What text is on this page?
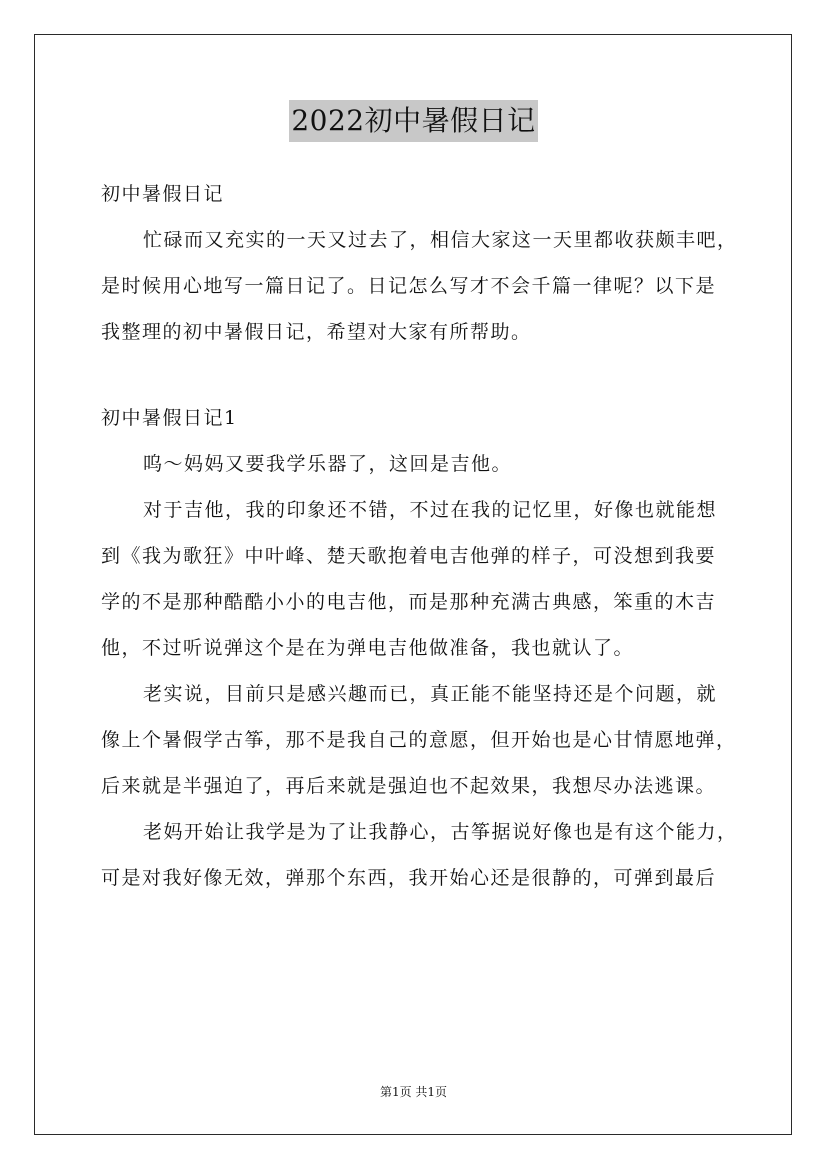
2022初中暑假日记
初中暑假日记
忙碌而又充实的一天又过去了，相信大家这一天里都收获颇丰吧，
是时候用心地写一篇日记了。日记怎么写才不会千篇一律呢？以下是
我整理的初中暑假日记，希望对大家有所帮助。
初中暑假日记1
呜～妈妈又要我学乐器了，这回是吉他。
对于吉他，我的印象还不错，不过在我的记忆里，好像也就能想
到《我为歌狂》中叶峰、楚天歌抱着电吉他弹的样子，可没想到我要
学的不是那种酷酷小小的电吉他，而是那种充满古典感，笨重的木吉
他，不过听说弹这个是在为弹电吉他做准备，我也就认了。
老实说，目前只是感兴趣而已，真正能不能坚持还是个问题，就
像上个暑假学古筝，那不是我自己的意愿，但开始也是心甘情愿地弹，
后来就是半强迫了，再后来就是强迫也不起效果，我想尽办法逃课。
老妈开始让我学是为了让我静心，古筝据说好像也是有这个能力，
可是对我好像无效，弹那个东西，我开始心还是很静的，可弹到最后
第1页 共1页
